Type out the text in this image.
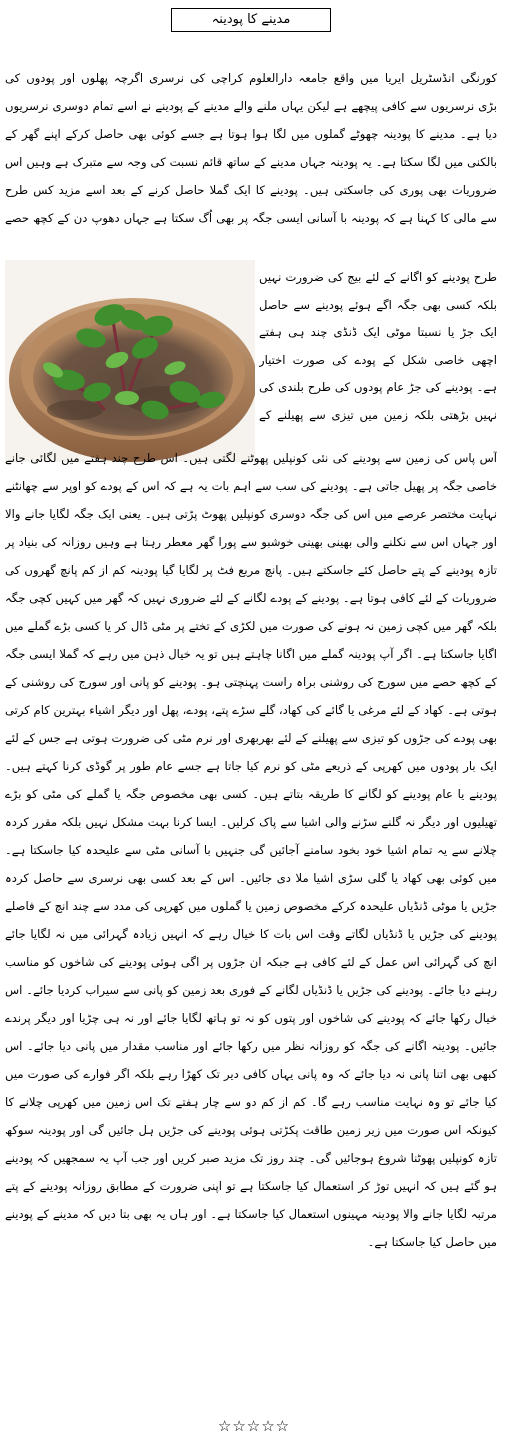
مدینے کا پودینہ
کورنگی انڈسٹریل ایریا میں واقع جامعہ دارالعلوم کراچی کی نرسری اگرچہ پھلوں اور پودوں کی
بڑی نرسریوں سے کافی پیچھے ہے لیکن یہاں ملنے والے مدینے کے پودینے نے اسے تمام دوسری نرسریوں
دیا ہے۔ مدینے کا پودینہ چھوٹے گملوں میں لگا ہوا ہوتا ہے جسے کوئی بھی حاصل کرکے اپنے گھر کے
بالکنی میں لگا سکتا ہے۔ یہ پودینہ جہاں مدینے کے ساتھ قائم نسبت کی وجہ سے متبرک ہے وہیں اس
ضروریات بھی پوری کی جاسکتی ہیں۔ پودینے کا ایک گملا حاصل کرنے کے بعد اسے مزید کس طرح
سے مالی کا کہنا ہے کہ پودینہ با آسانی ایسی جگہ پر بھی اُگ سکتا ہے جہاں دھوپ دن کے کچھ حصے
طرح پودینے کو اگانے کے لئے بیج کی ضرورت نہیں
بلکہ کسی بھی جگہ اگے ہوئے پودینے سے حاصل
ایک جڑ یا نسبتا موٹی ایک ڈنڈی چند ہی ہفتے
اچھی خاصی شکل کے پودے کی صورت اختیار
ہے۔ پودینے کی جڑ عام پودوں کی طرح بلندی کی
نہیں بڑھتی بلکہ زمین میں تیزی سے پھیلنے کے
آس پاس کی زمین سے پودینے کی نئی کونپلیں پھوٹنے لگتی ہیں۔ اس طرح چند ہفتے میں لگائی جانے
خاصی جگہ پر پھیل جاتی ہے۔ پودینے کی سب سے اہم بات یہ ہے کہ اس کے پودے کو اوپر سے چھانٹنے
نہایت مختصر عرصے میں اس کی جگہ دوسری کونپلیں پھوٹ پڑتی ہیں۔ یعنی ایک جگہ لگایا جانے والا
اور جہاں اس سے نکلنے والی بھینی بھینی خوشبو سے پورا گھر معطر رہتا ہے وہیں روزانہ کی بنیاد پر
تازہ پودینے کے پتے حاصل کئے جاسکتے ہیں۔ پانچ مربع فٹ پر لگایا گیا پودینہ کم از کم پانچ گھروں کی
ضروریات کے لئے کافی ہوتا ہے۔ پودینے کے پودے لگانے کے لئے ضروری نہیں کہ گھر میں کہیں کچی جگہ
بلکہ گھر میں کچی زمین نہ ہونے کی صورت میں لکڑی کے تختے پر مٹی ڈال کر یا کسی بڑے گملے میں
اگایا جاسکتا ہے۔ اگر آپ پودینہ گملے میں اگانا چاہتے ہیں تو یہ خیال ذہن میں رہے کہ گملا ایسی جگہ
کے کچھ حصے میں سورج کی روشنی براہ راست پہنچتی ہو۔ پودینے کو پانی اور سورج کی روشنی کے
ہوتی ہے۔ کھاد کے لئے مرغی یا گائے کی کھاد، گلے سڑے پتے، پودے، پھل اور دیگر اشیاء بہترین کام کرتی
بھی پودے کی جڑوں کو تیزی سے پھیلنے کے لئے بھربھری اور نرم مٹی کی ضرورت ہوتی ہے جس کے لئے
ایک بار پودوں میں کھرپی کے ذریعے مٹی کو نرم کیا جاتا ہے جسے عام طور پر گوڈی کرنا کہتے ہیں۔
پودینے یا عام پودینے کو لگانے کا طریقہ بتاتے ہیں۔ کسی بھی مخصوص جگہ یا گملے کی مٹی کو بڑے
تھیلیوں اور دیگر نہ گلنے سڑنے والی اشیا سے پاک کرلیں۔ ایسا کرنا بہت مشکل نہیں بلکہ مقرر کردہ
چلانے سے یہ تمام اشیا خود بخود سامنے آجائیں گی جنہیں با آسانی مٹی سے علیحدہ کیا جاسکتا ہے۔
میں کوئی بھی کھاد یا گلی سڑی اشیا ملا دی جائیں۔ اس کے بعد کسی بھی نرسری سے حاصل کردہ
جڑیں یا موٹی ڈنڈیاں علیحدہ کرکے مخصوص زمین یا گملوں میں کھرپی کی مدد سے چند انچ کے فاصلے
پودینے کی جڑیں یا ڈنڈیاں لگاتے وقت اس بات کا خیال رہے کہ انہیں زیادہ گہرائی میں نہ لگایا جائے
انچ کی گہرائی اس عمل کے لئے کافی ہے جبکہ ان جڑوں پر اگی ہوئی پودینے کی شاخوں کو مناسب
رہنے دیا جائے۔ پودینے کی جڑیں یا ڈنڈیاں لگانے کے فوری بعد زمین کو پانی سے سیراب کردیا جائے۔ اس
خیال رکھا جائے کہ پودینے کی شاخوں اور پتوں کو نہ تو ہاتھ لگایا جائے اور نہ ہی چڑیا اور دیگر پرندے
جائیں۔ پودینہ اگانے کی جگہ کو روزانہ نظر میں رکھا جائے اور مناسب مقدار میں پانی دیا جائے۔ اس
کبھی بھی اتنا پانی نہ دیا جائے کہ وہ پانی یہاں کافی دیر تک کھڑا رہے بلکہ اگر فوارے کی صورت میں
کیا جائے تو وہ نہایت مناسب رہے گا۔ کم از کم دو سے چار ہفتے تک اس زمین میں کھرپی چلانے کا
کیونکہ اس صورت میں زیر زمین طاقت پکڑتی ہوئی پودینے کی جڑیں ہل جائیں گی اور پودینہ سوکھ
تازہ کونپلیں پھوٹنا شروع ہوجائیں گی۔ چند روز تک مزید صبر کریں اور جب آپ یہ سمجھیں کہ پودینے
ہو گئے ہیں کہ انہیں توڑ کر استعمال کیا جاسکتا ہے تو اپنی ضرورت کے مطابق روزانہ پودینے کے پتے
مرتبہ لگایا جانے والا پودینہ مہینوں استعمال کیا جاسکتا ہے۔ اور ہاں یہ بھی بتا دیں کہ مدینے کے پودینے
میں حاصل کیا جاسکتا ہے۔
☆☆☆☆☆
